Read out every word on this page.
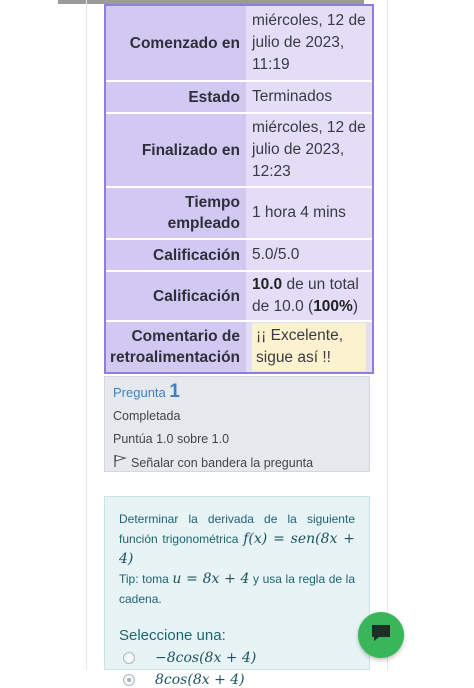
Comenzado en
miércoles, 12 de julio de 2023, 11:19
Estado Terminados
Finalizado en
miércoles, 12 de julio de 2023, 12:23
Tiempo empleado
1 hora 4 mins
Calificación 5.0/5.0
Calificación
10.0 de un total de 10.0 (100%)
Comentario de retroalimentación
¡¡ Excelente, sigue así !!
Pregunta 1
Completada
Puntúa 1.0 sobre 1.0
Señalar con bandera la pregunta

Determinar la derivada de la siguiente función trigonométrica f(x) = sen(8x + 4)

Tip: toma u = 8x + 4 y usa la regla de la cadena.

Seleccione una:
−8cos(8x + 4)
8cos(8x + 4)
